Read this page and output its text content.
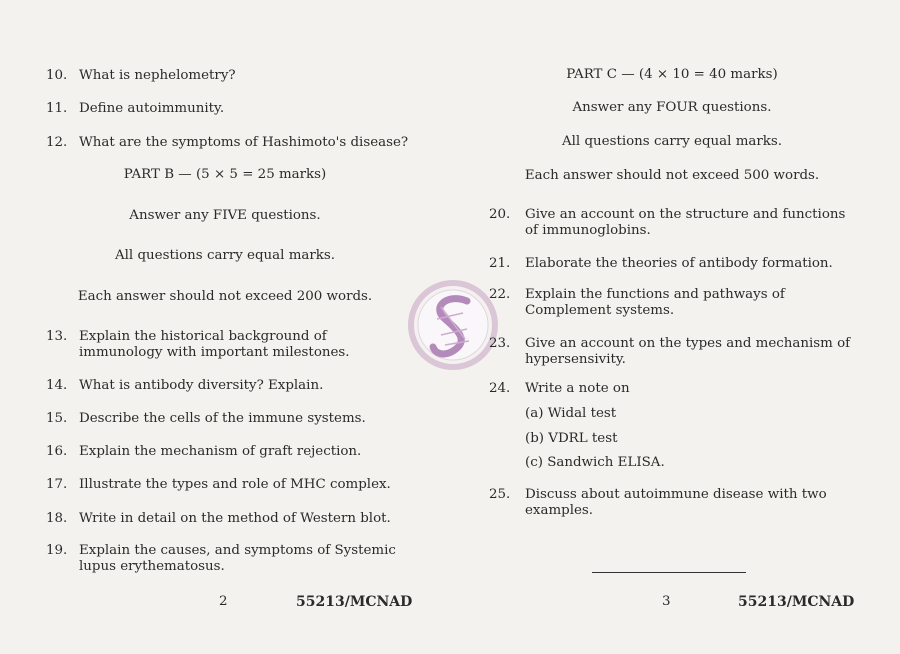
10. What is nephelometry?
11. Define autoimmunity.
12. What are the symptoms of Hashimoto's disease?
PART B — (5 × 5 = 25 marks)
Answer any FIVE questions.
All questions carry equal marks.
Each answer should not exceed 200 words.
13. Explain the historical background of immunology with important milestones.
14. What is antibody diversity? Explain.
15. Describe the cells of the immune systems.
16. Explain the mechanism of graft rejection.
17. Illustrate the types and role of MHC complex.
18. Write in detail on the method of Western blot.
19. Explain the causes, and symptoms of Systemic lupus erythematosus.
PART C — (4 × 10 = 40 marks)
Answer any FOUR questions.
All questions carry equal marks.
Each answer should not exceed 500 words.
20. Give an account on the structure and functions of immunoglobins.
21. Elaborate the theories of antibody formation.
22. Explain the functions and pathways of Complement systems.
23. Give an account on the types and mechanism of hypersensivity.
24. Write a note on
(a) Widal test
(b) VDRL test
(c) Sandwich ELISA.
25. Discuss about autoimmune disease with two examples.
2	55213/MCNAD	3	55213/MCNAD
